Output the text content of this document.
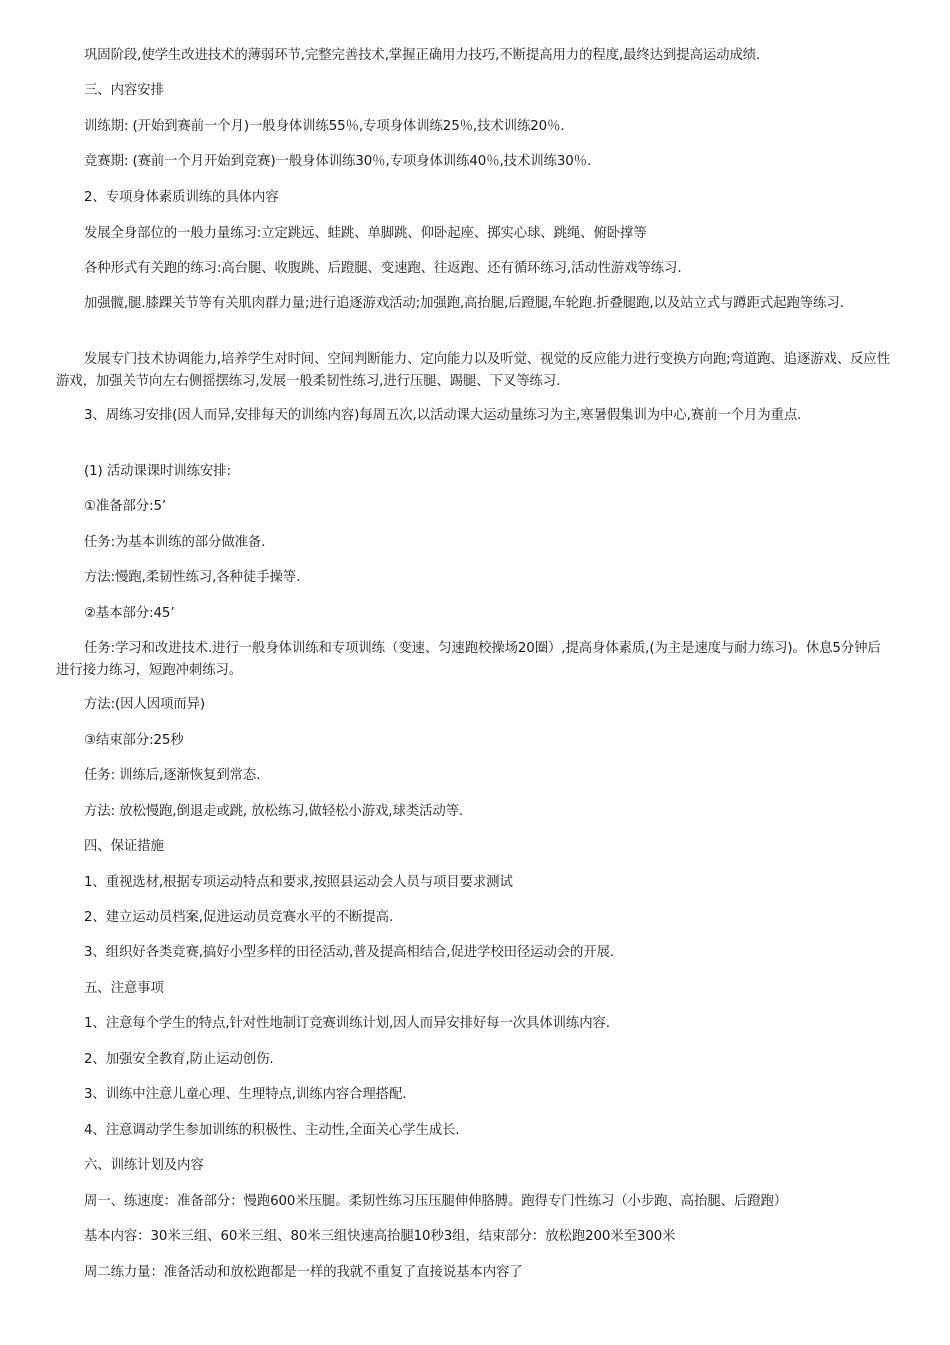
巩固阶段,使学生改进技术的薄弱环节,完整完善技术,掌握正确用力技巧,不断提高用力的程度,最终达到提高运动成绩.

三、内容安排

训练期: (开始到赛前一个月)一般身体训练55％,专项身体训练25％,技术训练20％.

竞赛期: (赛前一个月开始到竞赛)一般身体训练30％,专项身体训练40％,技术训练30％.

2、专项身体素质训练的具体内容

发展全身部位的一般力量练习:立定跳远、蛙跳、单脚跳、仰卧起座、掷实心球、跳绳、俯卧撑等

各种形式有关跑的练习:高台腿、收腹跳、后蹬腿、变速跑、往返跑、还有循环练习,活动性游戏等练习.

加强髋,腿.膝踝关节等有关肌肉群力量;进行追逐游戏活动;加强跑,高抬腿,后蹬腿,车轮跑.折叠腿跑,以及站立式与蹲距式起跑等练习.

发展专门技术协调能力,培养学生对时间、空间判断能力、定向能力以及听觉、视觉的反应能力进行变换方向跑;弯道跑、追逐游戏、反应性游戏，加强关节向左右侧摇摆练习,发展一般柔韧性练习,进行压腿、踢腿、下叉等练习.

3、周练习安排(因人而异,安排每天的训练内容)每周五次,以活动课大运动量练习为主,寒暑假集训为中心,赛前一个月为重点.

(1) 活动课课时训练安排:

①准备部分:5’

任务:为基本训练的部分做准备.

方法:慢跑,柔韧性练习,各种徒手操等.

②基本部分:45’

任务:学习和改进技术.进行一般身体训练和专项训练（变速、匀速跑校操场20圈）,提高身体素质,(为主是速度与耐力练习)。休息5分钟后进行接力练习，短跑冲刺练习。

方法:(因人因项而异)

③结束部分:25秒

任务: 训练后,逐渐恢复到常态.

方法: 放松慢跑,倒退走或跳, 放松练习,做轻松小游戏,球类活动等.

四、保证措施

1、重视选材,根据专项运动特点和要求,按照县运动会人员与项目要求测试

2、建立运动员档案,促进运动员竞赛水平的不断提高.

3、组织好各类竞赛,搞好小型多样的田径活动,普及提高相结合,促进学校田径运动会的开展.

五、注意事项

1、注意每个学生的特点,针对性地制订竞赛训练计划,因人而异安排好每一次具体训练内容.

2、加强安全教育,防止运动创伤.

3、训练中注意儿童心理、生理特点,训练内容合理搭配.

4、注意调动学生参加训练的积极性、主动性,全面关心学生成长.

六、训练计划及内容

周一、练速度：准备部分：慢跑600米压腿。柔韧性练习压压腿伸伸胳膊。跑得专门性练习（小步跑、高抬腿、后蹬跑）

基本内容：30米三组、60米三组、80米三组快速高抬腿10秒3组，结束部分：放松跑200米至300米

周二练力量：准备活动和放松跑都是一样的我就不重复了直接说基本内容了
